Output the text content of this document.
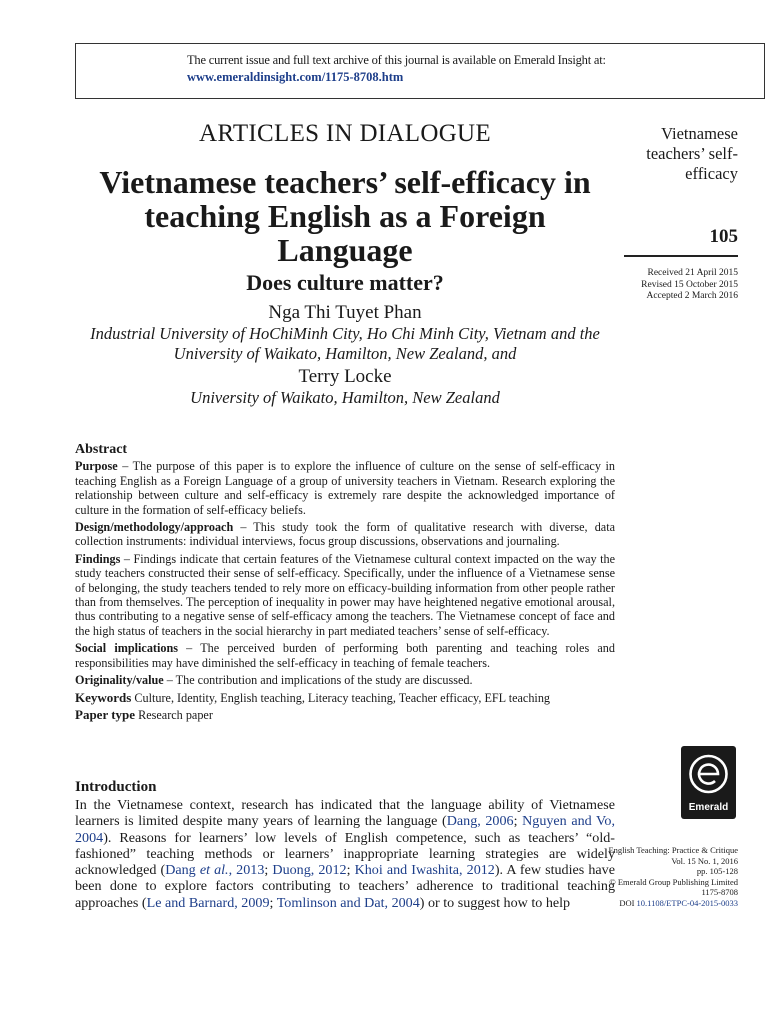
The current issue and full text archive of this journal is available on Emerald Insight at:
www.emeraldinsight.com/1175-8708.htm
ARTICLES IN DIALOGUE
Vietnamese teachers’ self-efficacy in teaching English as a Foreign Language
Does culture matter?
Nga Thi Tuyet Phan
Industrial University of HoChiMinh City, Ho Chi Minh City, Vietnam and the University of Waikato, Hamilton, New Zealand, and
Terry Locke
University of Waikato, Hamilton, New Zealand
Vietnamese teachers’ self-efficacy
105
Received 21 April 2015
Revised 15 October 2015
Accepted 2 March 2016
Abstract

Purpose – The purpose of this paper is to explore the influence of culture on the sense of self-efficacy in teaching English as a Foreign Language of a group of university teachers in Vietnam. Research exploring the relationship between culture and self-efficacy is extremely rare despite the acknowledged importance of culture in the formation of self-efficacy beliefs.

Design/methodology/approach – This study took the form of qualitative research with diverse, data collection instruments: individual interviews, focus group discussions, observations and journaling.

Findings – Findings indicate that certain features of the Vietnamese cultural context impacted on the way the study teachers constructed their sense of self-efficacy. Specifically, under the influence of a Vietnamese sense of belonging, the study teachers tended to rely more on efficacy-building information from other people rather than from themselves. The perception of inequality in power may have heightened negative emotional arousal, thus contributing to a negative sense of self-efficacy among the teachers. The Vietnamese concept of face and the high status of teachers in the social hierarchy in part mediated teachers’ sense of self-efficacy.

Social implications – The perceived burden of performing both parenting and teaching roles and responsibilities may have diminished the self-efficacy in teaching of female teachers.

Originality/value – The contribution and implications of the study are discussed.

Keywords Culture, Identity, English teaching, Literacy teaching, Teacher efficacy, EFL teaching

Paper type Research paper

Emerald
English Teaching: Practice & Critique
Vol. 15 No. 1, 2016
pp. 105-128
© Emerald Group Publishing Limited
1175-8708
DOI 10.1108/ETPC-04-2015-0033
Introduction

In the Vietnamese context, research has indicated that the language ability of Vietnamese learners is limited despite many years of learning the language (Dang, 2006; Nguyen and Vo, 2004). Reasons for learners’ low levels of English competence, such as teachers’ “old-fashioned” teaching methods or learners’ inappropriate learning strategies are widely acknowledged (Dang et al., 2013; Duong, 2012; Khoi and Iwashita, 2012). A few studies have been done to explore factors contributing to teachers’ adherence to traditional teaching approaches (Le and Barnard, 2009; Tomlinson and Dat, 2004) or to suggest how to help
